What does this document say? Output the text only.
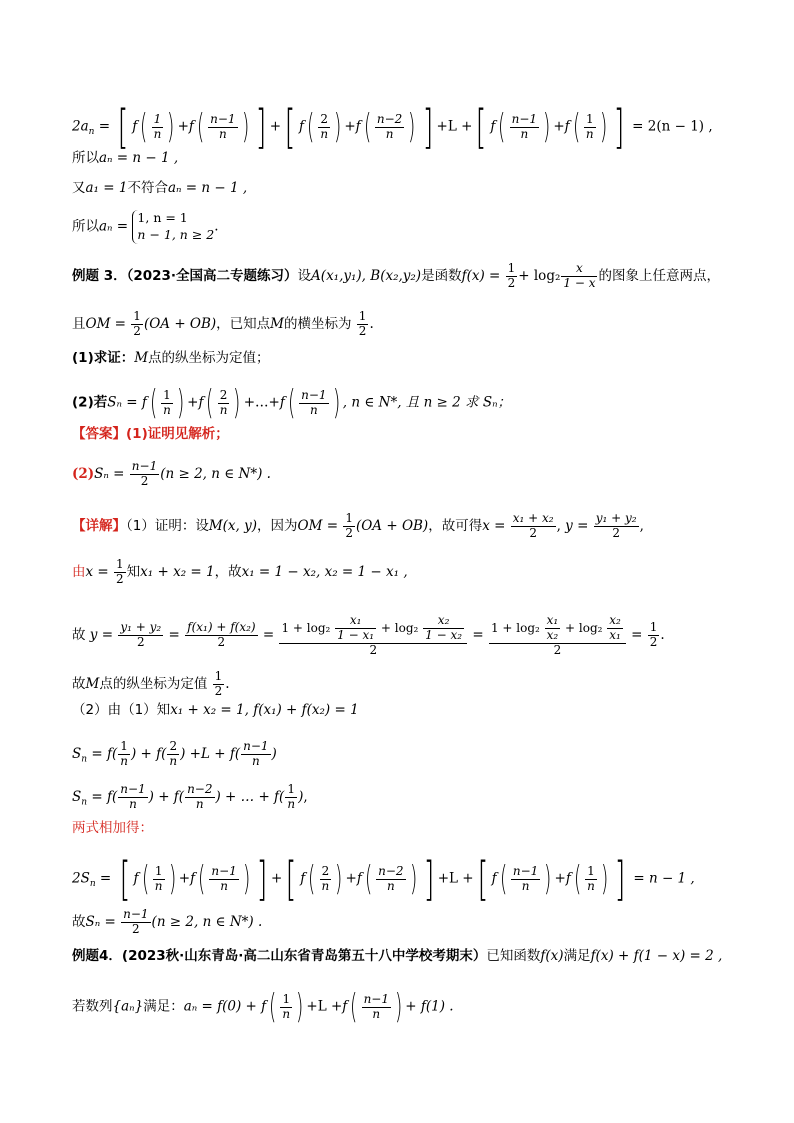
$2a_n$ = [ $f( \frac{1}{n}$ ) $+f( \frac{n-1}{n}$ ) ] +[ $f( \frac{2}{n}$ ) $+f( \frac{n-2}{n}$ ) ] +L +[ $f( \frac{n-1}{n}$ ) $+f( \frac{1}{n}$ ) ] = 2(n − 1) ,
所以aₙ = n − 1 ,
又a₁ = 1不符合aₙ = n − 1 ,
所以aₙ = 1, n = 1
n − 1, n ≥ 2.
例题 3．（2023·全国高二专题练习）设A(x₁,y₁), B(x₂,y₂)是函数$f(x) = \frac{1}{2} + \log_2 \frac{x}{1 - x}$ 的图象上任意两点，
且OM = $\frac{1}{2} (OA + OB)$，已知点M的横坐标为 $\frac{1}{2}$ .
(1)求证：M点的纵坐标为定值；
(2)若$S_n = f( \frac{1}{n}$ ) $+f( \frac{2}{n}$ ) +…+f( $\frac{n-1}{n}$ ) , n ∈ N*, 且 n ≥ 2 求 Sₙ；
【答案】(1)证明见解析；
$(2)S_n = \frac{n-1}{2} (n \ge 2$, n ∈ N*) .
【详解】（1）证明：设M(x, y)，因为OM = $\frac{1}{2} (OA + OB)$，故可得$x = \frac{\text{x₁ + x₂}}{2}$ , $y = \frac{\text{y₁ + y₂}}{2}$ ,
由$x = \frac{1}{2}$ 知x₁ + x₂ = 1，故x₁ = 1 − x₂, x₂ = 1 − x₁ ,
故 $y = \frac{\text{y₁ + y₂}}{2} = \frac{\text{f(x₁) + f(x₂)}}{2} = \frac{1 + \log_2 \frac{\text{x₁}}{\text{1 − x₁}} + \log_2 \frac{\text{x₂}}{\text{1 − x₂}}}{2} = \frac{1 + \log_2 \frac{\text{x₁}}{\text{x₂}} + \log_2 \frac{\text{x₂}}{\text{x₁}}}{2} = \frac{1}{2}$ .
故M点的纵坐标为定值 $\frac{1}{2}$ .
（2）由（1）知x₁ + x₂ = 1, f(x₁) + f(x₂) = 1
$S_n = f( \frac{1}{n}$ ) + $f( \frac{2}{n}$ ) $+L + f( \frac{n-1}{n}$ )
$S_n = f( \frac{n-1}{n}$ ) + $f( \frac{n-2}{n}$ ) + … + $f( \frac{1}{n}$ ),
两式相加得：
$2S_n$ = [ $f( \frac{1}{n}$ ) $+f( \frac{n-1}{n}$ ) ] +[ $f( \frac{2}{n}$ ) $+f( \frac{n-2}{n}$ ) ] +L +[ $f( \frac{n-1}{n}$ ) $+f( \frac{1}{n}$ ) ] = n − 1 ,
故$S_n = \frac{n-1}{2} (n \ge 2$, n ∈ N*) .
例题4．(2023秋·山东青岛·高二山东省青岛第五十八中学校考期末）已知函数f(x)满足f(x) + f(1 − x) = 2 ,
若数列{aₙ}满足：$a_n = f(0) + f( \frac{1}{n}$ ) $+L +f( \frac{n-1}{n}$ ) + f(1) .
